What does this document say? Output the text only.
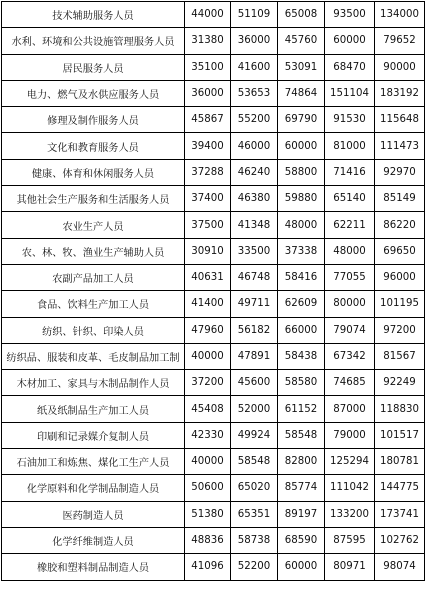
技术辅助服务人员	44000	51109	65008	93500	134000
水利、环境和公共设施管理服务人员	31380	36000	45760	60000	79652
居民服务人员	35100	41600	53091	68470	90000
电力、燃气及水供应服务人员	36000	53653	74864	151104	183192
修理及制作服务人员	45867	55200	69790	91530	115648
文化和教育服务人员	39400	46000	60000	81000	111473
健康、体育和休闲服务人员	37288	46240	58800	71416	92970
其他社会生产服务和生活服务人员	37400	46380	59880	65140	85149
农业生产人员	37500	41348	48000	62211	86220
农、林、牧、渔业生产辅助人员	30910	33500	37338	48000	69650
农副产品加工人员	40631	46748	58416	77055	96000
食品、饮料生产加工人员	41400	49711	62609	80000	101195
纺织、针织、印染人员	47960	56182	66000	79074	97200
纺织品、服装和皮革、毛皮制品加工制	40000	47891	58438	67342	81567
木材加工、家具与木制品制作人员	37200	45600	58580	74685	92249
纸及纸制品生产加工人员	45408	52000	61152	87000	118830
印刷和记录媒介复制人员	42330	49924	58548	79000	101517
石油加工和炼焦、煤化工生产人员	40000	58548	82800	125294	180781
化学原料和化学制品制造人员	50600	65020	85774	111042	144775
医药制造人员	51380	65351	89197	133200	173741
化学纤维制造人员	48836	58738	68590	87595	102762
橡胶和塑料制品制造人员	41096	52200	60000	80971	98074
